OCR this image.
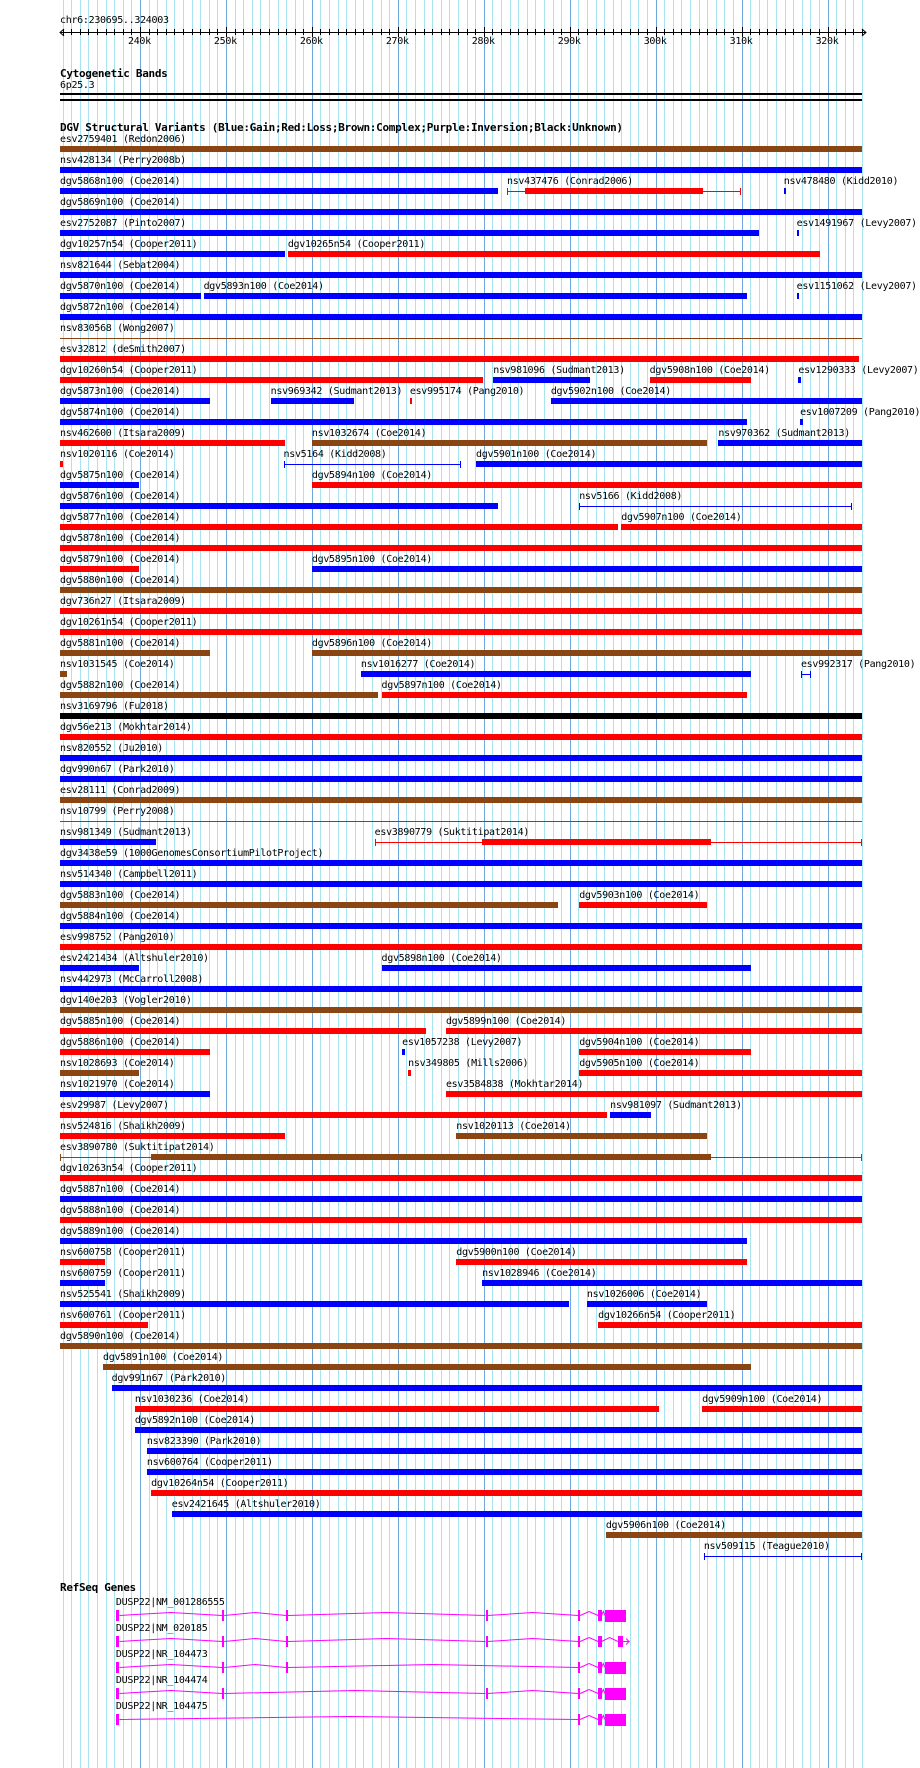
chr6:230695..324003
240k	250k	260k	270k	280k	290k	300k	310k	320k
Cytogenetic Bands
6p25.3
DGV Structural Variants (Blue:Gain;Red:Loss;Brown:Complex;Purple:Inversion;Black:Unknown)
esv2759401 (Redon2006)
nsv428134 (Perry2008b)
dgv5868n100 (Coe2014)	nsv437476 (Conrad2006)	nsv478480 (Kidd2010)
dgv5869n100 (Coe2014)
esv2752087 (Pinto2007)	esv1491967 (Levy2007)
dgv10257n54 (Cooper2011)	dgv10265n54 (Cooper2011)
nsv821644 (Sebat2004)
dgv5870n100 (Coe2014) dgv5893n100 (Coe2014)	esv1151062 (Levy2007)
dgv5872n100 (Coe2014)
nsv830568 (Wong2007)
esv32812 (deSmith2007)
dgv10260n54 (Cooper2011)	nsv981096 (Sudmant2013) dgv5908n100 (Coe2014)	esv1290333 (Levy2007)
dgv5873n100 (Coe2014)	nsv969342 (Sudmant2013) esv995174 (Pang2010)	dgv5902n100 (Coe2014)
dgv5874n100 (Coe2014)	esv1007209 (Pang2010)
nsv462600 (Itsara2009)	nsv1032674 (Coe2014)	nsv970362 (Sudmant2013)
nsv1020116 (Coe2014)	nsv5164 (Kidd2008)	dgv5901n100 (Coe2014)
dgv5875n100 (Coe2014)	dgv5894n100 (Coe2014)
dgv5876n100 (Coe2014)	nsv5166 (Kidd2008)
dgv5877n100 (Coe2014)	dgv5907n100 (Coe2014)
dgv5878n100 (Coe2014)
dgv5879n100 (Coe2014)	dgv5895n100 (Coe2014)
dgv5880n100 (Coe2014)
dgv736n27 (Itsara2009)
dgv10261n54 (Cooper2011)
dgv5881n100 (Coe2014)	dgv5896n100 (Coe2014)
nsv1031545 (Coe2014)	nsv1016277 (Coe2014)	esv992317 (Pang2010)
dgv5882n100 (Coe2014)	dgv5897n100 (Coe2014)
nsv3169796 (Fu2018)
dgv56e213 (Mokhtar2014)
nsv820552 (Ju2010)
dgv990n67 (Park2010)
esv28111 (Conrad2009)
nsv10799 (Perry2008)
nsv981349 (Sudmant2013)	esv3890779 (Suktitipat2014)
dgv3438e59 (1000GenomesConsortiumPilotProject)
nsv514340 (Campbell2011)
dgv5883n100 (Coe2014)	dgv5903n100 (Coe2014)
dgv5884n100 (Coe2014)
esv998752 (Pang2010)
esv2421434 (Altshuler2010)	dgv5898n100 (Coe2014)
nsv442973 (McCarroll2008)
dgv140e203 (Vogler2010)
dgv5885n100 (Coe2014)	dgv5899n100 (Coe2014)
dgv5886n100 (Coe2014)	esv1057238 (Levy2007)	dgv5904n100 (Coe2014)
nsv1028693 (Coe2014)	nsv349805 (Mills2006)	dgv5905n100 (Coe2014)
nsv1021970 (Coe2014)	esv3584838 (Mokhtar2014)
esv29987 (Levy2007)	nsv981097 (Sudmant2013)
nsv524816 (Shaikh2009)	nsv1020113 (Coe2014)
esv3890780 (Suktitipat2014)
dgv10263n54 (Cooper2011)
dgv5887n100 (Coe2014)
dgv5888n100 (Coe2014)
dgv5889n100 (Coe2014)
nsv600758 (Cooper2011)	dgv5900n100 (Coe2014)
nsv600759 (Cooper2011)	nsv1028946 (Coe2014)
nsv525541 (Shaikh2009)	nsv1026006 (Coe2014)
nsv600761 (Cooper2011)	dgv10266n54 (Cooper2011)
dgv5890n100 (Coe2014)
dgv5891n100 (Coe2014)
dgv991n67 (Park2010)
nsv1030236 (Coe2014)	dgv5909n100 (Coe2014)
dgv5892n100 (Coe2014)
nsv823390 (Park2010)
nsv600764 (Cooper2011)
dgv10264n54 (Cooper2011)
esv2421645 (Altshuler2010)
dgv5906n100 (Coe2014)
nsv509115 (Teague2010)
RefSeq Genes
DUSP22|NM_001286555
DUSP22|NM_020185
DUSP22|NR_104473
DUSP22|NR_104474
DUSP22|NR_104475
